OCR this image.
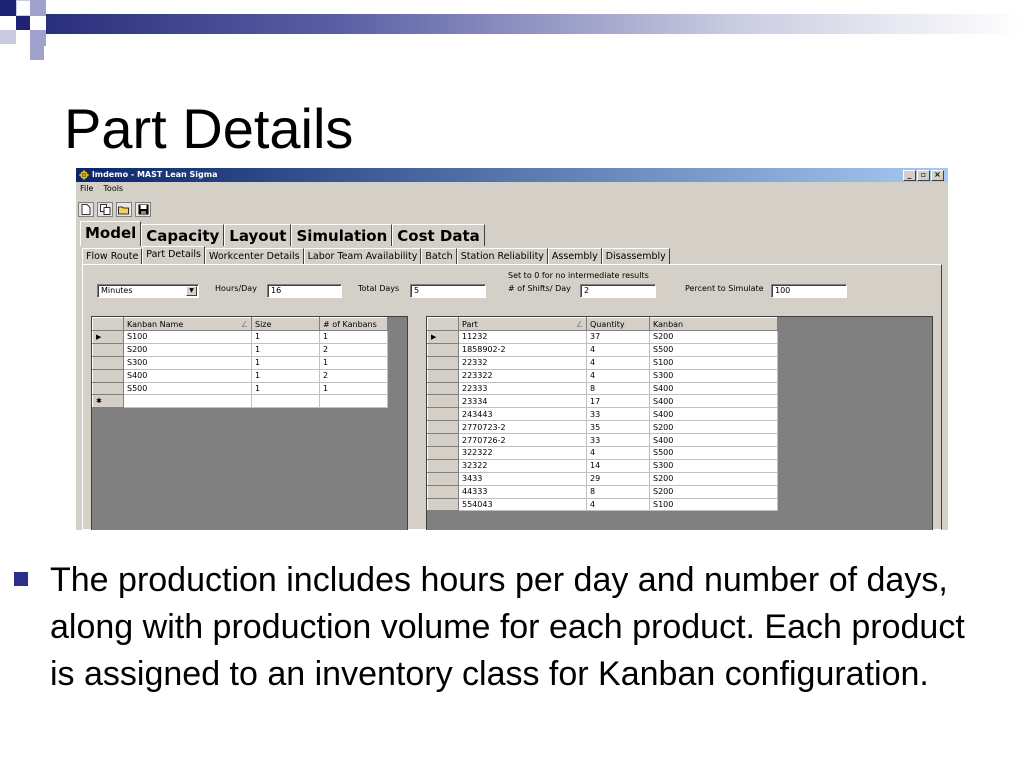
Part Details
lmdemo - MAST Lean Sigma	_	▫ ×
File Tools
Model Capacity Layout Simulation Cost Data
Flow Route Part Details Workcenter Details Labor Team Availability Batch Station Reliability Assembly Disassembly
Minutes	▼	Hours/Day	16	Total Days	5
Set to 0 for no intermediate results
# of Shifts/ Day	2	Percent to Simulate	100
	Kanban Name ∠	Size	# of Kanbans
▶	S100	1	1
	S200	1	2
	S300	1	1
	S400	1	2
	S500	1	1
✱			
	Part ∠	Quantity	Kanban
▶	11232	37	S200
	1858902-2	4	S500
	22332	4	S100
	223322	4	S300
	22333	8	S400
	23334	17	S400
	243443	33	S400
	2770723-2	35	S200
	2770726-2	33	S400
	322322	4	S500
	32322	14	S300
	3433	29	S200
	44333	8	S200
	554043	4	S100
The production includes hours per day and number of days, along with production volume for each product. Each product is assigned to an inventory class for Kanban configuration.
